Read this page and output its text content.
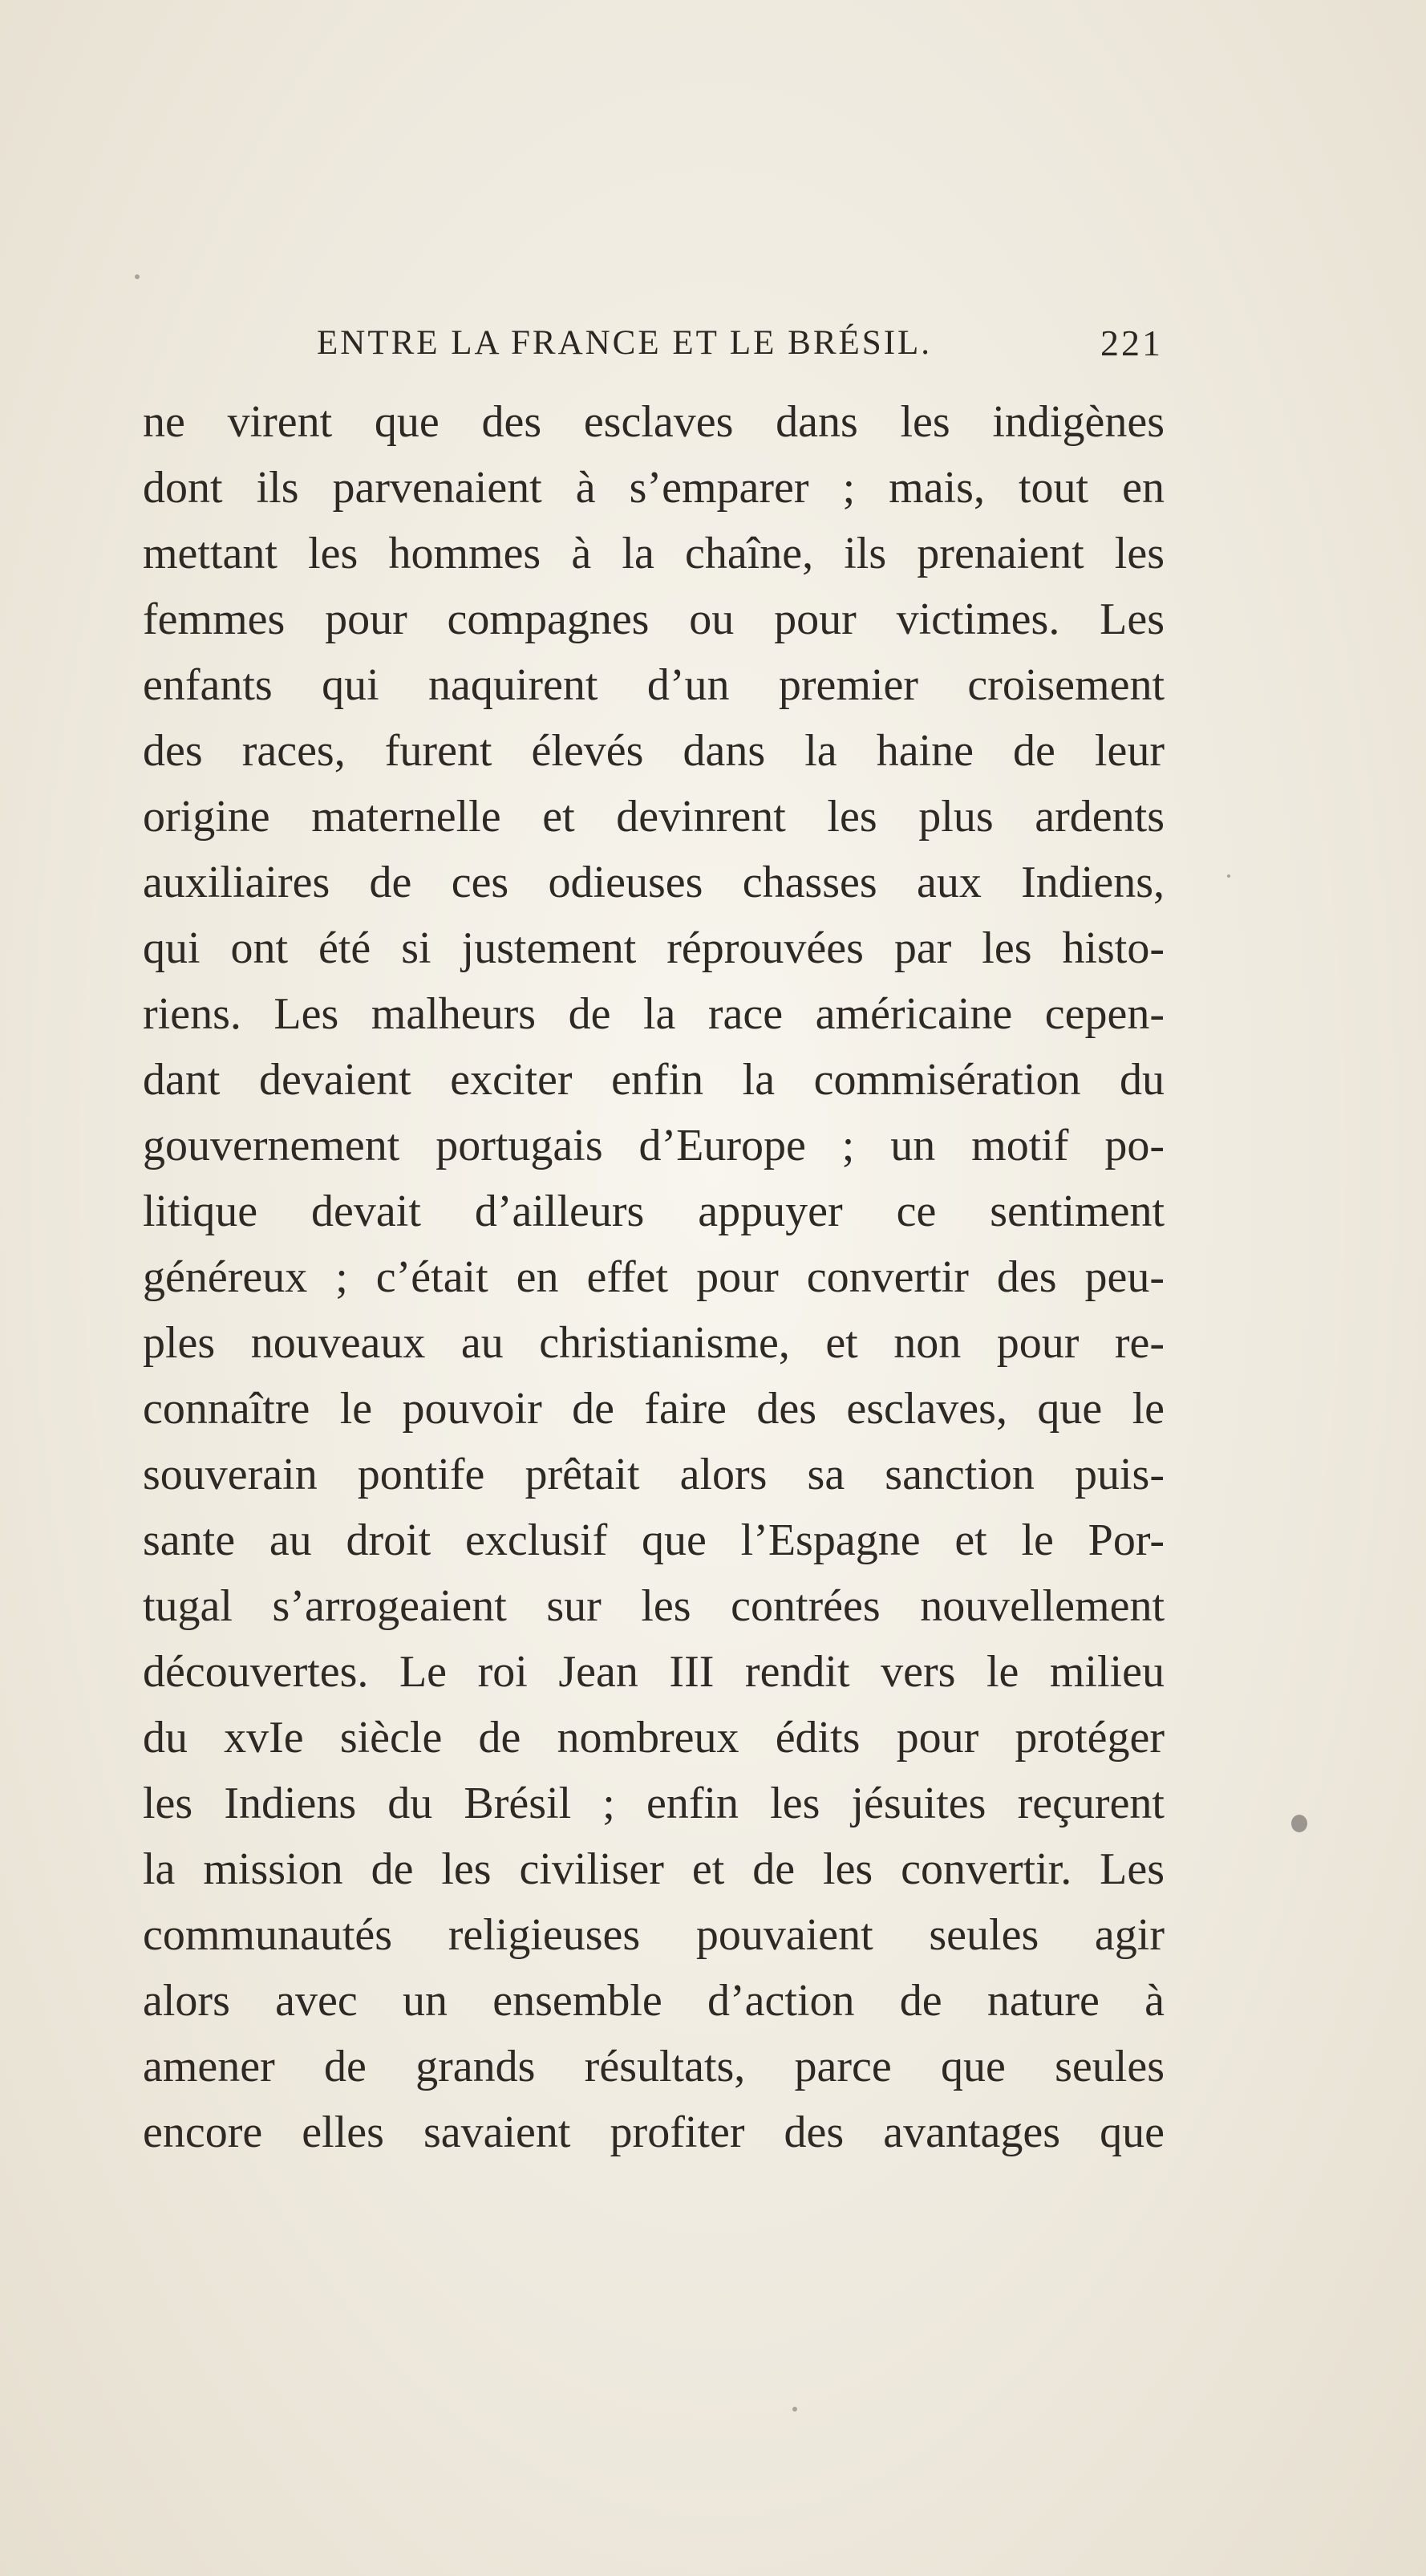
ENTRE LA FRANCE ET LE BRÉSIL.	221
ne virent que des esclaves dans les indigènes
dont ils parvenaient à s’emparer ; mais, tout en
mettant les hommes à la chaîne, ils prenaient les
femmes pour compagnes ou pour victimes. Les
enfants qui naquirent d’un premier croisement
des races, furent élevés dans la haine de leur
origine maternelle et devinrent les plus ardents
auxiliaires de ces odieuses chasses aux Indiens,
qui ont été si justement réprouvées par les histo-
riens. Les malheurs de la race américaine cepen-
dant devaient exciter enfin la commisération du
gouvernement portugais d’Europe ; un motif po-
litique devait d’ailleurs appuyer ce sentiment
généreux ; c’était en effet pour convertir des peu-
ples nouveaux au christianisme, et non pour re-
connaître le pouvoir de faire des esclaves, que le
souverain pontife prêtait alors sa sanction puis-
sante au droit exclusif que l’Espagne et le Por-
tugal s’arrogeaient sur les contrées nouvellement
découvertes. Le roi Jean III rendit vers le milieu
du xvIe siècle de nombreux édits pour protéger
les Indiens du Brésil ; enfin les jésuites reçurent
la mission de les civiliser et de les convertir. Les
communautés religieuses pouvaient seules agir
alors avec un ensemble d’action de nature à
amener de grands résultats, parce que seules
encore elles savaient profiter des avantages que
